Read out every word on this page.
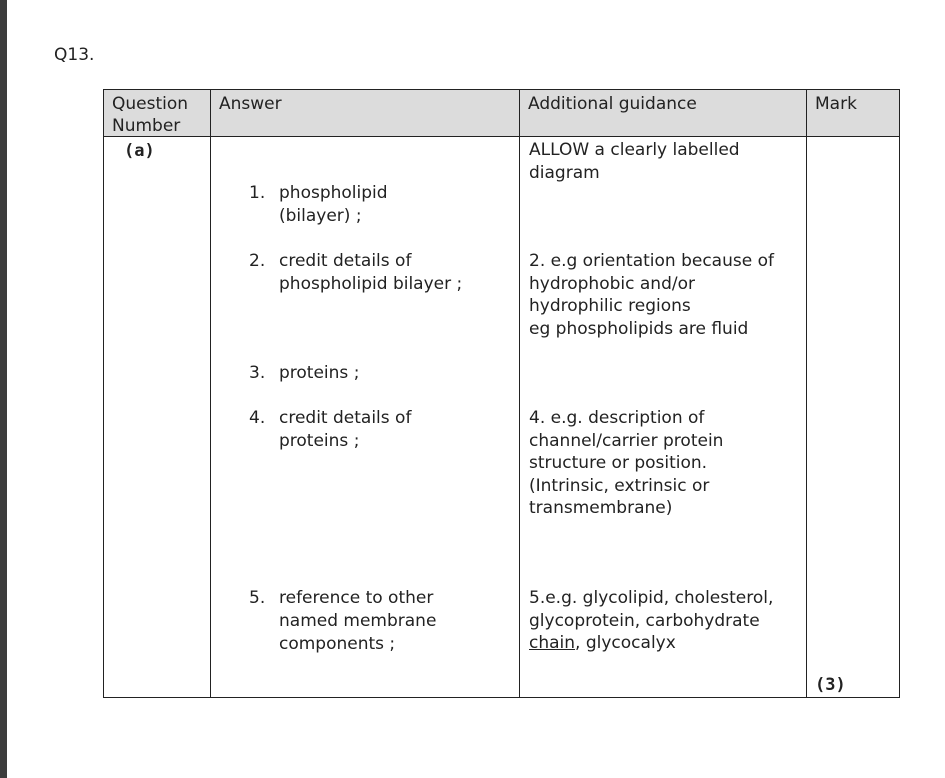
Q13.
Question
Number
Answer	Additional guidance	Mark
(a)
1. phospholipid
(bilayer) ;
2. credit details of
phospholipid bilayer ;
3. proteins ;
4. credit details of
proteins ;
5. reference to other
named membrane
components ;
ALLOW a clearly labelled
diagram
2. e.g orientation because of
hydrophobic and/or
hydrophilic regions
eg phospholipids are fluid
4. e.g. description of
channel/carrier protein
structure or position.
(Intrinsic, extrinsic or
transmembrane)
5.e.g. glycolipid, cholesterol,
glycoprotein, carbohydrate
chain, glycocalyx
(3)
